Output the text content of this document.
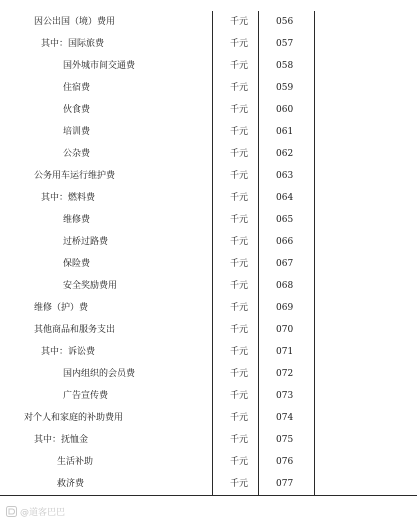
因公出国（境）费用	千元	056
其中：国际旅费	千元	057
国外城市间交通费	千元	058
住宿费	千元	059
伙食费	千元	060
培训费	千元	061
公杂费	千元	062
公务用车运行维护费	千元	063
其中：燃料费	千元	064
维修费	千元	065
过桥过路费	千元	066
保险费	千元	067
安全奖励费用	千元	068
维修（护）费	千元	069
其他商品和服务支出	千元	070
其中：诉讼费	千元	071
国内组织的会员费	千元	072
广告宣传费	千元	073
对个人和家庭的补助费用	千元	074
其中：抚恤金	千元	075
生活补助	千元	076
救济费	千元	077
@道客巴巴
